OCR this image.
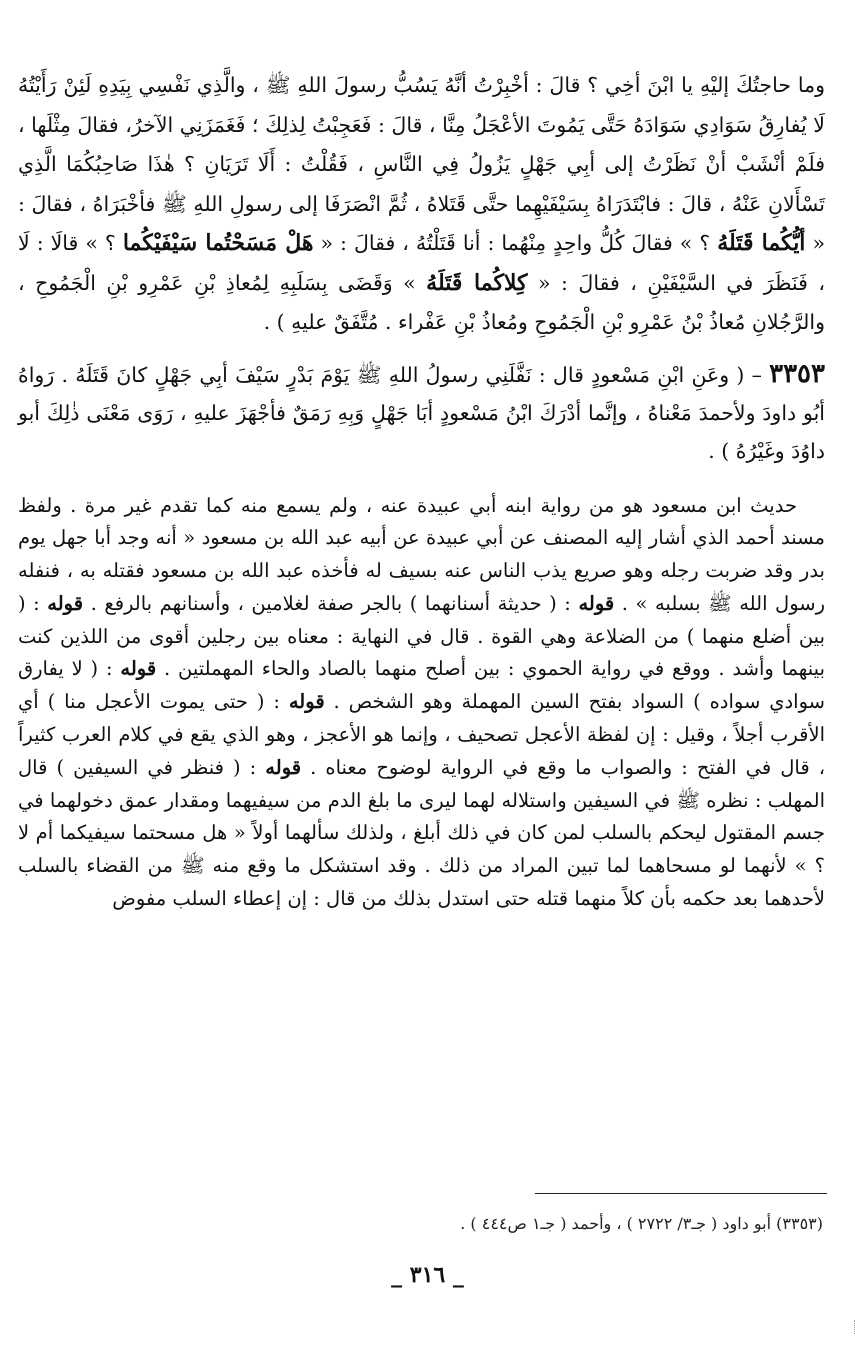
وما حاجتُكَ إليْهِ يا ابْنَ أخِي ؟ قالَ : أخْبِرْتُ أنَّهُ يَسُبُّ رسولَ اللهِ ﷺ ، والَّذِي نَفْسِي بِيَدِهِ لَئِنْ رَأَيْتُهُ لَا يُفارِقُ سَوَادِي سَوَادَهُ حَتَّى يَمُوتَ الأعْجَلُ مِنَّا ، قالَ : فَعَجِبْتُ لِذلِكَ ؛ فَغَمَزَنِي الآخرُ، فقالَ مِثْلَها ، فلَمْ أنْشَبْ أنْ نَظَرْتُ إلى أبِي جَهْلٍ يَزُولُ فِي النَّاسِ ، فَقُلْتُ : أَلَا تَرَيَانِ ؟ هٰذَا صَاحِبُكُمَا الَّذِي تَسْأَلانِ عَنْهُ ، قالَ : فابْتَدَرَاهُ بِسَيْفَيْهِما حتَّى قَتَلاهُ ، ثُمَّ انْصَرَفَا إلى رسولِ اللهِ ﷺ فأخْبَرَاهُ ، فقالَ : « أيُّكُما قَتَلَهُ ؟ » فقالَ كُلُّ واحِدٍ مِنْهُما : أنا قَتَلْتُهُ ، فقالَ : « هَلْ مَسَحْتُما سَيْفَيْكُما ؟ » قالَا : لَا ، فَنَظَرَ في السَّيْفَيْنِ ، فقالَ : « كِلاكُما قَتَلَهُ » وَقَضَى بِسَلَبِهِ لِمُعاذِ بْنِ عَمْرِو بْنِ الْجَمُوحِ ، والرَّجُلانِ مُعاذُ بْنُ عَمْرِو بْنِ الْجَمُوحِ ومُعاذُ بْنِ عَفْراء . مُتَّفَقٌ عليهِ ) .

٣٣٥٣ – ( وعَنِ ابْنِ مَسْعودٍ قال : نَفَّلَنِي رسولُ اللهِ ﷺ يَوْمَ بَدْرٍ سَيْفَ أبِي جَهْلٍ كانَ قَتَلَهُ . رَواهُ أبُو داودَ ولأحمدَ مَعْناهُ ، وإنَّما أدْرَكَ ابْنُ مَسْعودٍ أبَا جَهْلٍ وَبِهِ رَمَقٌ فأجْهَزَ عليهِ ، رَوَى مَعْنَى ذٰلِكَ أبو داوُدَ وغَيْرُهُ ) .

حديث ابن مسعود هو من رواية ابنه أبي عبيدة عنه ، ولم يسمع منه كما تقدم غير مرة . ولفظ مسند أحمد الذي أشار إليه المصنف عن أبي عبيدة عن أبيه عبد الله بن مسعود « أنه وجد أبا جهل يوم بدر وقد ضربت رجله وهو صريع يذب الناس عنه بسيف له فأخذه عبد الله بن مسعود فقتله به ، فنفله رسول الله ﷺ بسلبه » . قوله : ( حديثة أسنانهما ) بالجر صفة لغلامين ، وأسنانهم بالرفع . قوله : ( بين أضلع منهما ) من الضلاعة وهي القوة . قال في النهاية : معناه بين رجلين أقوى من اللذين كنت بينهما وأشد . ووقع في رواية الحموي : بين أصلح منهما بالصاد والحاء المهملتين . قوله : ( لا يفارق سوادي سواده ) السواد بفتح السين المهملة وهو الشخص . قوله : ( حتى يموت الأعجل منا ) أي الأقرب أجلاً ، وقيل : إن لفظة الأعجل تصحيف ، وإنما هو الأعجز ، وهو الذي يقع في كلام العرب كثيراً ، قال في الفتح : والصواب ما وقع في الرواية لوضوح معناه . قوله : ( فنظر في السيفين ) قال المهلب : نظره ﷺ في السيفين واستلاله لهما ليرى ما بلغ الدم من سيفيهما ومقدار عمق دخولهما في جسم المقتول ليحكم بالسلب لمن كان في ذلك أبلغ ، ولذلك سألهما أولاً « هل مسحتما سيفيكما أم لا ؟ » لأنهما لو مسحاهما لما تبين المراد من ذلك . وقد استشكل ما وقع منه ﷺ من القضاء بالسلب لأحدهما بعد حكمه بأن كلاً منهما قتله حتى استدل بذلك من قال : إن إعطاء السلب مفوض

(٣٣٥٣) أبو داود ( جـ٣/ ٢٧٢٢ ) ، وأحمد ( جـ١ ص٤٤٤ ) .
_ ٣١٦ _
